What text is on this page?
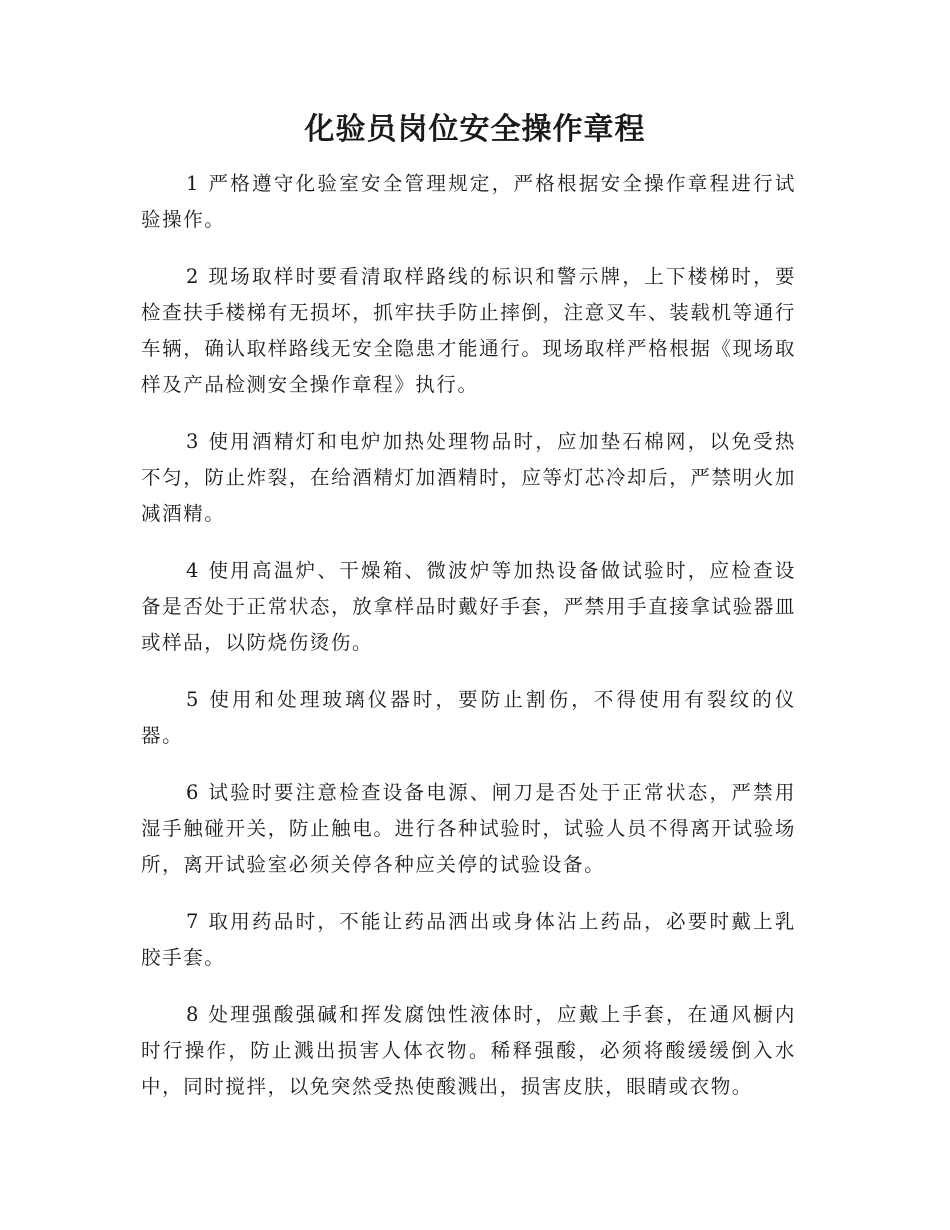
化验员岗位安全操作章程

1 严格遵守化验室安全管理规定，严格根据安全操作章程进行试验操作。

2 现场取样时要看清取样路线的标识和警示牌，上下楼梯时，要检查扶手楼梯有无损坏，抓牢扶手防止摔倒，注意叉车、装载机等通行车辆，确认取样路线无安全隐患才能通行。现场取样严格根据《现场取样及产品检测安全操作章程》执行。

3 使用酒精灯和电炉加热处理物品时，应加垫石棉网，以免受热不匀，防止炸裂，在给酒精灯加酒精时，应等灯芯冷却后，严禁明火加减酒精。

4 使用高温炉、干燥箱、微波炉等加热设备做试验时，应检查设备是否处于正常状态，放拿样品时戴好手套，严禁用手直接拿试验器皿或样品，以防烧伤烫伤。

5 使用和处理玻璃仪器时，要防止割伤，不得使用有裂纹的仪器。

6 试验时要注意检查设备电源、闸刀是否处于正常状态，严禁用湿手触碰开关，防止触电。进行各种试验时，试验人员不得离开试验场所，离开试验室必须关停各种应关停的试验设备。

7 取用药品时，不能让药品洒出或身体沾上药品，必要时戴上乳胶手套。

8 处理强酸强碱和挥发腐蚀性液体时，应戴上手套，在通风橱内时行操作，防止溅出损害人体衣物。稀释强酸，必须将酸缓缓倒入水中，同时搅拌，以免突然受热使酸溅出，损害皮肤，眼睛或衣物。
